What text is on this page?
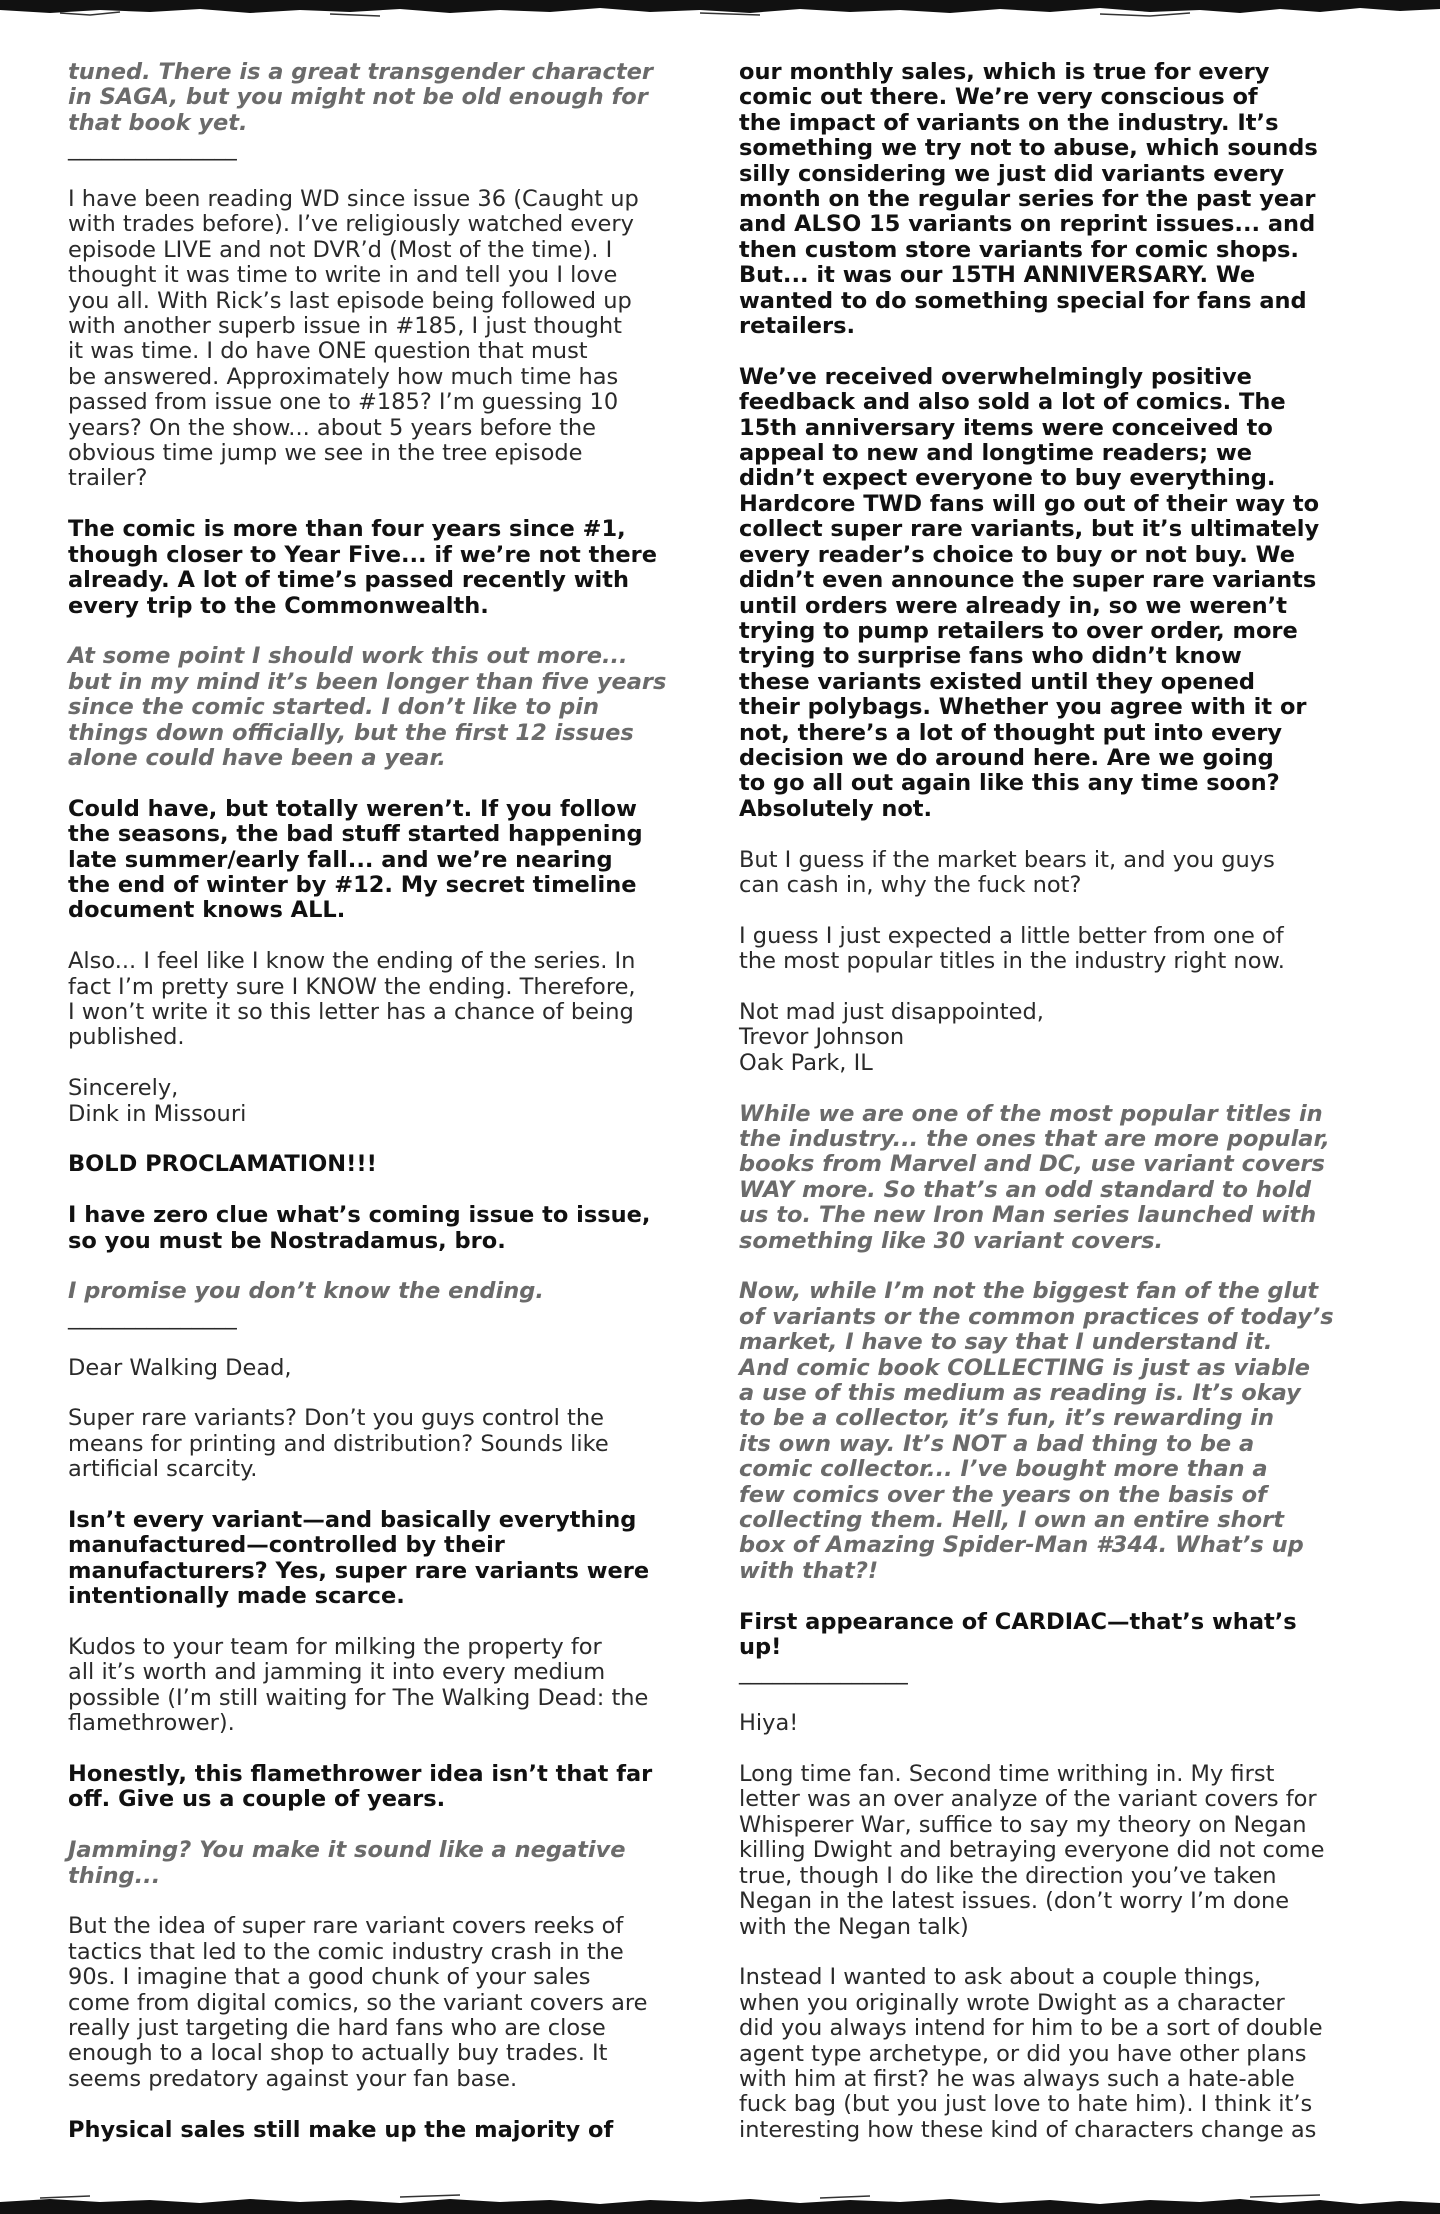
tuned. There is a great transgender character
in SAGA, but you might not be old enough for
that book yet.

_______________

I have been reading WD since issue 36 (Caught up
with trades before). I’ve religiously watched every
episode LIVE and not DVR’d (Most of the time). I
thought it was time to write in and tell you I love
you all. With Rick’s last episode being followed up
with another superb issue in #185, I just thought
it was time. I do have ONE question that must
be answered. Approximately how much time has
passed from issue one to #185? I’m guessing 10
years? On the show... about 5 years before the
obvious time jump we see in the tree episode
trailer?

The comic is more than four years since #1,
though closer to Year Five... if we’re not there
already. A lot of time’s passed recently with
every trip to the Commonwealth.

At some point I should work this out more...
but in my mind it’s been longer than five years
since the comic started. I don’t like to pin
things down officially, but the first 12 issues
alone could have been a year.

Could have, but totally weren’t. If you follow
the seasons, the bad stuff started happening
late summer/early fall... and we’re nearing
the end of winter by #12. My secret timeline
document knows ALL.

Also... I feel like I know the ending of the series. In
fact I’m pretty sure I KNOW the ending. Therefore,
I won’t write it so this letter has a chance of being
published.

Sincerely,
Dink in Missouri

BOLD PROCLAMATION!!!

I have zero clue what’s coming issue to issue,
so you must be Nostradamus, bro.

I promise you don’t know the ending.

_______________

Dear Walking Dead,

Super rare variants? Don’t you guys control the
means for printing and distribution? Sounds like
artificial scarcity.

Isn’t every variant—and basically everything
manufactured—controlled by their
manufacturers? Yes, super rare variants were
intentionally made scarce.

Kudos to your team for milking the property for
all it’s worth and jamming it into every medium
possible (I’m still waiting for The Walking Dead: the
flamethrower).

Honestly, this flamethrower idea isn’t that far
off. Give us a couple of years.

Jamming? You make it sound like a negative
thing...

But the idea of super rare variant covers reeks of
tactics that led to the comic industry crash in the
90s. I imagine that a good chunk of your sales
come from digital comics, so the variant covers are
really just targeting die hard fans who are close
enough to a local shop to actually buy trades. It
seems predatory against your fan base.

Physical sales still make up the majority of

our monthly sales, which is true for every
comic out there. We’re very conscious of
the impact of variants on the industry. It’s
something we try not to abuse, which sounds
silly considering we just did variants every
month on the regular series for the past year
and ALSO 15 variants on reprint issues... and
then custom store variants for comic shops.
But... it was our 15TH ANNIVERSARY. We
wanted to do something special for fans and
retailers.

We’ve received overwhelmingly positive
feedback and also sold a lot of comics. The
15th anniversary items were conceived to
appeal to new and longtime readers; we
didn’t expect everyone to buy everything.
Hardcore TWD fans will go out of their way to
collect super rare variants, but it’s ultimately
every reader’s choice to buy or not buy. We
didn’t even announce the super rare variants
until orders were already in, so we weren’t
trying to pump retailers to over order, more
trying to surprise fans who didn’t know
these variants existed until they opened
their polybags. Whether you agree with it or
not, there’s a lot of thought put into every
decision we do around here. Are we going
to go all out again like this any time soon?
Absolutely not.

But I guess if the market bears it, and you guys
can cash in, why the fuck not?

I guess I just expected a little better from one of
the most popular titles in the industry right now.

Not mad just disappointed,
Trevor Johnson
Oak Park, IL

While we are one of the most popular titles in
the industry... the ones that are more popular,
books from Marvel and DC, use variant covers
WAY more. So that’s an odd standard to hold
us to. The new Iron Man series launched with
something like 30 variant covers.

Now, while I’m not the biggest fan of the glut
of variants or the common practices of today’s
market, I have to say that I understand it.
And comic book COLLECTING is just as viable
a use of this medium as reading is. It’s okay
to be a collector, it’s fun, it’s rewarding in
its own way. It’s NOT a bad thing to be a
comic collector... I’ve bought more than a
few comics over the years on the basis of
collecting them. Hell, I own an entire short
box of Amazing Spider-Man #344. What’s up
with that?!

First appearance of CARDIAC—that’s what’s
up!

_______________

Hiya!

Long time fan. Second time writhing in. My first
letter was an over analyze of the variant covers for
Whisperer War, suffice to say my theory on Negan
killing Dwight and betraying everyone did not come
true, though I do like the direction you’ve taken
Negan in the latest issues. (don’t worry I’m done
with the Negan talk)

Instead I wanted to ask about a couple things,
when you originally wrote Dwight as a character
did you always intend for him to be a sort of double
agent type archetype, or did you have other plans
with him at first? he was always such a hate-able
fuck bag (but you just love to hate him). I think it’s
interesting how these kind of characters change as
